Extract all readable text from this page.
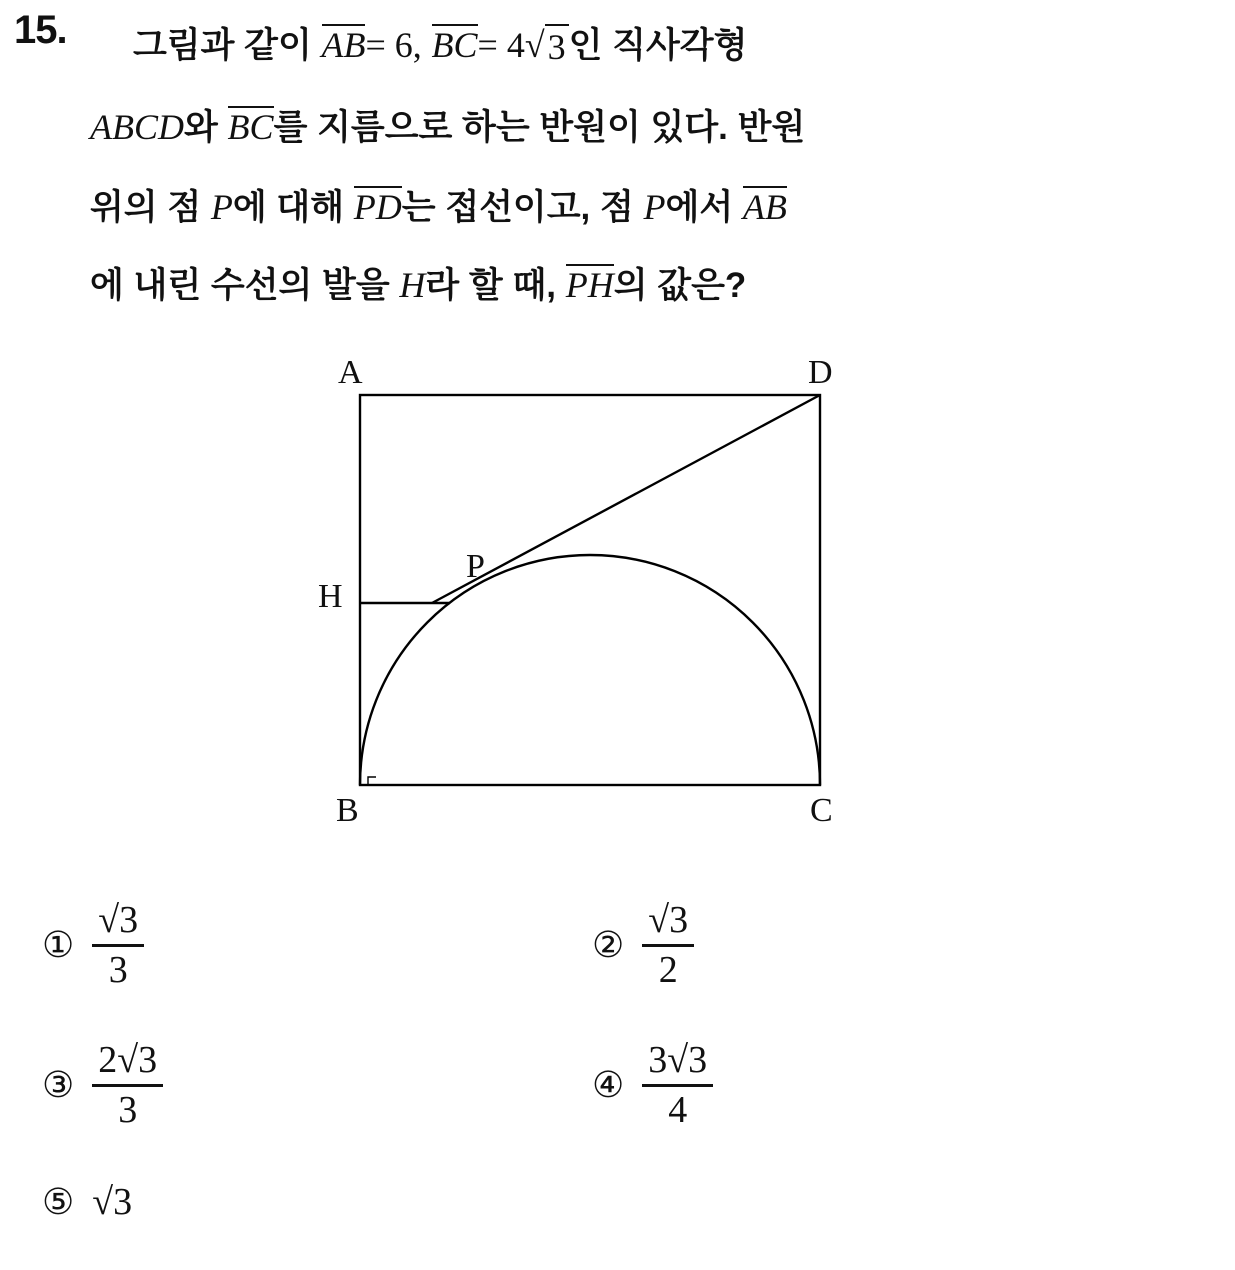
15. 그림과 같이 AB= 6, BC= 4 √ 3 인 직사각형
ABCD와 BC를 지름으로 하는 반원이 있다. 반원
위의 점 P에 대해 PD는 접선이고, 점 P에서 AB
에 내린 수선의 발을 H라 할 때, PH의 값은?
A	D
B	C
P
H
① $\frac{√3}{3}$	② $\frac{√3}{2}$
③ $\frac{2√3}{3}$	④ $\frac{3√3}{4}$
⑤ √3
